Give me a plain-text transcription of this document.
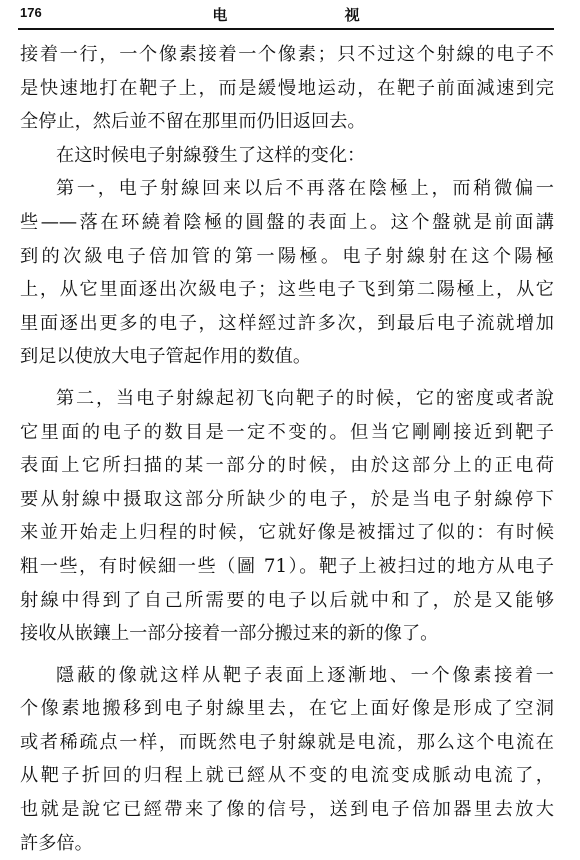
176	电 视
接着一行，一个像素接着一个像素；只不过这个射線的电子不
是快速地打在靶子上，而是緩慢地运动，在靶子前面減速到完
全停止，然后並不留在那里而仍旧返回去。
在这时候电子射線發生了这样的变化：
第一，电子射線回来以后不再落在陰極上，而稍微偏一
些——落在环繞着陰極的圓盤的表面上。这个盤就是前面講
到的次級电子倍加管的第一陽極。电子射線射在这个陽極
上，从它里面逐出次級电子；这些电子飞到第二陽極上，从它
里面逐出更多的电子，这样經过許多次，到最后电子流就增加
到足以使放大电子管起作用的数值。
第二，当电子射線起初飞向靶子的时候，它的密度或者說
它里面的电子的数目是一定不变的。但当它剛剛接近到靶子
表面上它所扫描的某一部分的时候，由於这部分上的正电荷
要从射線中摄取这部分所缺少的电子，於是当电子射線停下
来並开始走上归程的时候，它就好像是被擂过了似的：有时候
粗一些，有时候細一些（圖 71）。靶子上被扫过的地方从电子
射線中得到了自己所需要的电子以后就中和了，於是又能够
接收从嵌鑲上一部分接着一部分搬过来的新的像了。
隱蔽的像就这样从靶子表面上逐漸地、一个像素接着一
个像素地搬移到电子射線里去，在它上面好像是形成了空洞
或者稀疏点一样，而既然电子射線就是电流，那么这个电流在
从靶子折回的归程上就已經从不变的电流变成脈动电流了，
也就是說它已經帶来了像的信号，送到电子倍加器里去放大
許多倍。
